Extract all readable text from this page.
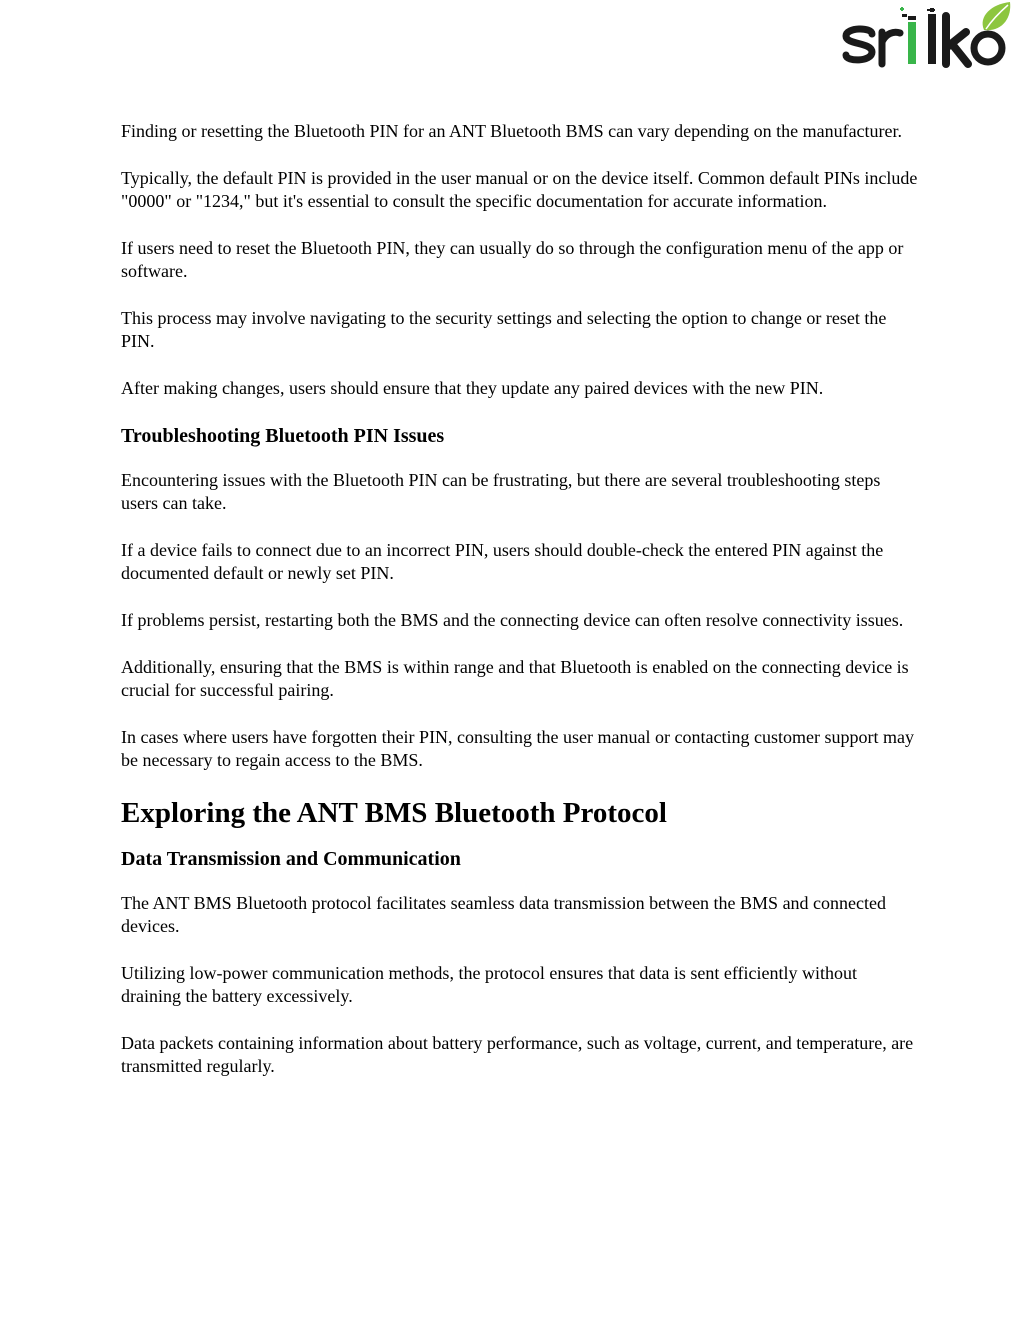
Finding or resetting the Bluetooth PIN for an ANT Bluetooth BMS can vary depending on the manufacturer.

Typically, the default PIN is provided in the user manual or on the device itself. Common default PINs include "0000" or "1234," but it's essential to consult the specific documentation for accurate information.

If users need to reset the Bluetooth PIN, they can usually do so through the configuration menu of the app or software.

This process may involve navigating to the security settings and selecting the option to change or reset the PIN.

After making changes, users should ensure that they update any paired devices with the new PIN.

Troubleshooting Bluetooth PIN Issues

Encountering issues with the Bluetooth PIN can be frustrating, but there are several troubleshooting steps users can take.

If a device fails to connect due to an incorrect PIN, users should double-check the entered PIN against the documented default or newly set PIN.

If problems persist, restarting both the BMS and the connecting device can often resolve connectivity issues.

Additionally, ensuring that the BMS is within range and that Bluetooth is enabled on the connecting device is crucial for successful pairing.

In cases where users have forgotten their PIN, consulting the user manual or contacting customer support may be necessary to regain access to the BMS.

Exploring the ANT BMS Bluetooth Protocol
Data Transmission and Communication

The ANT BMS Bluetooth protocol facilitates seamless data transmission between the BMS and connected devices.

Utilizing low-power communication methods, the protocol ensures that data is sent efficiently without draining the battery excessively.

Data packets containing information about battery performance, such as voltage, current, and temperature, are transmitted regularly.
